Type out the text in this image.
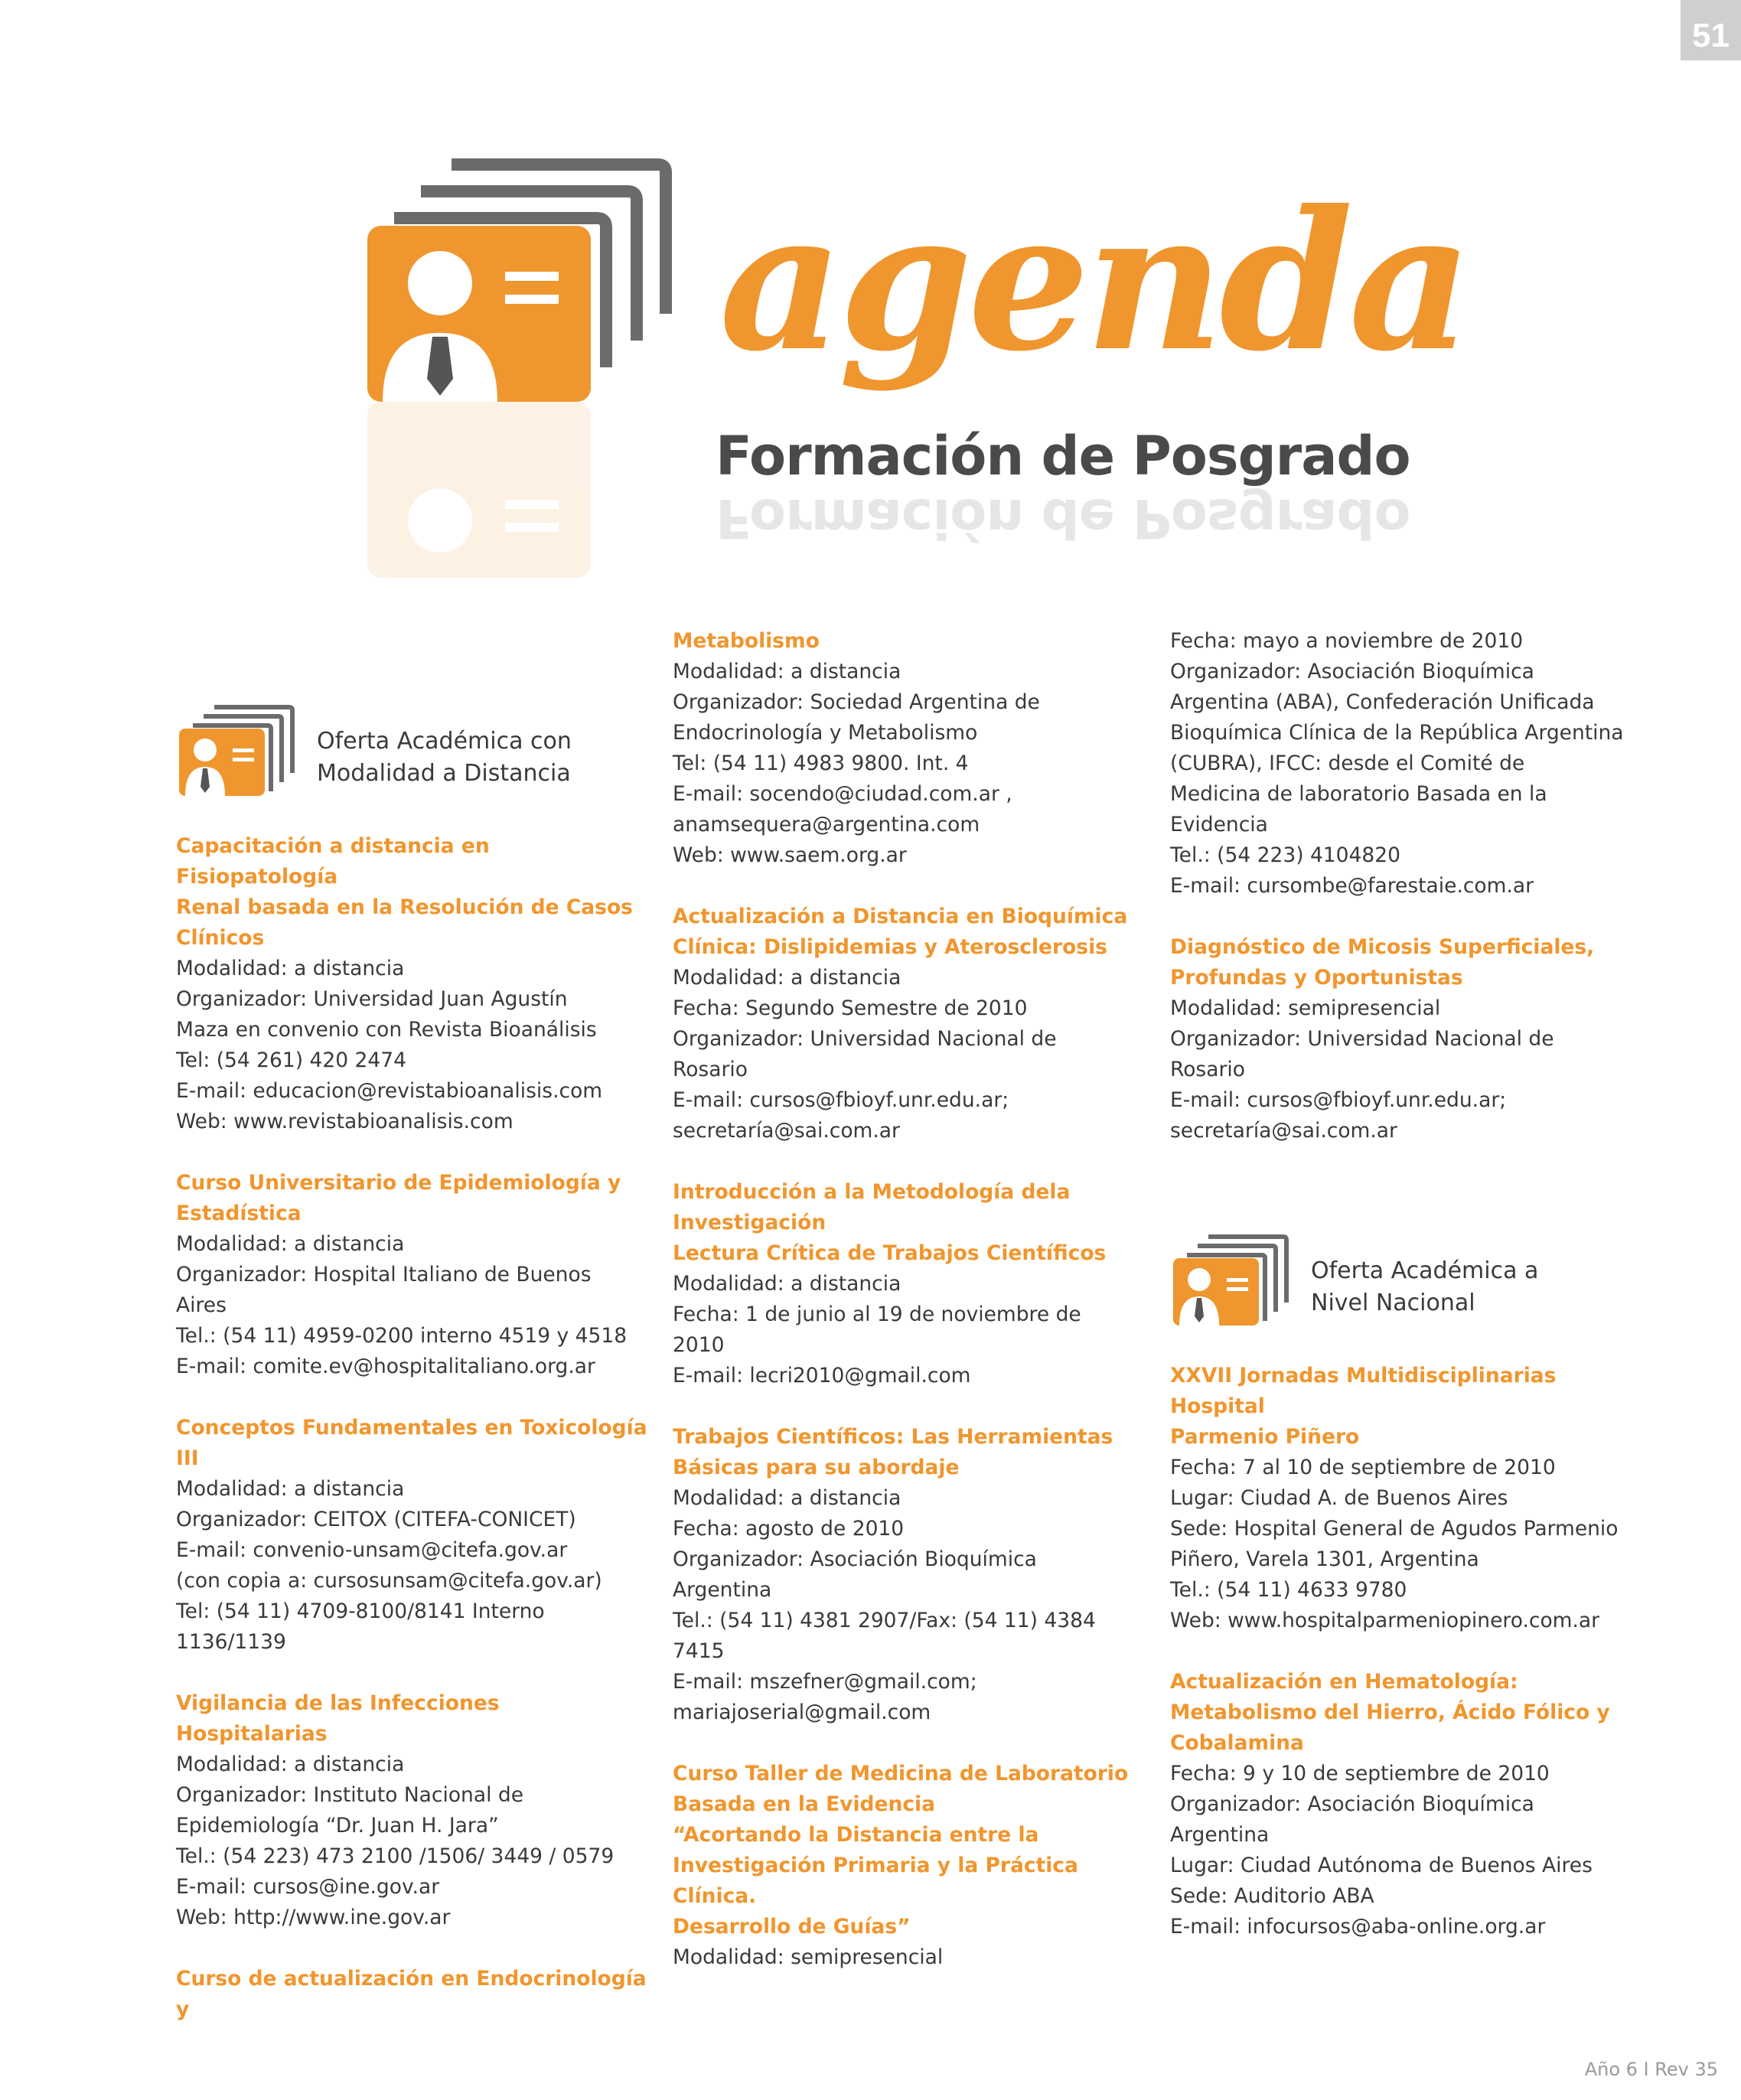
51
agenda
Formación de Posgrado
Formación de Posgrado
Oferta Académica con
Modalidad a Distancia
Capacitación a distancia en Fisiopatología
Renal basada en la Resolución de Casos
Clínicos
Modalidad: a distancia
Organizador: Universidad Juan Agustín
Maza en convenio con Revista Bioanálisis
Tel: (54 261) 420 2474
E-mail: educacion@revistabioanalisis.com
Web: www.revistabioanalisis.com
Curso Universitario de Epidemiología y
Estadística
Modalidad: a distancia
Organizador: Hospital Italiano de Buenos
Aires
Tel.: (54 11) 4959-0200 interno 4519 y 4518
E-mail: comite.ev@hospitalitaliano.org.ar
Conceptos Fundamentales en Toxicología
III
Modalidad: a distancia
Organizador: CEITOX (CITEFA-CONICET)
E-mail: convenio-unsam@citefa.gov.ar
(con copia a: cursosunsam@citefa.gov.ar)
Tel: (54 11) 4709-8100/8141 Interno
1136/1139
Vigilancia de las Infecciones Hospitalarias
Modalidad: a distancia
Organizador: Instituto Nacional de
Epidemiología “Dr. Juan H. Jara”
Tel.: (54 223) 473 2100 /1506/ 3449 / 0579
E-mail: cursos@ine.gov.ar
Web: http://www.ine.gov.ar
Curso de actualización en Endocrinología y
Metabolismo
Modalidad: a distancia
Organizador: Sociedad Argentina de
Endocrinología y Metabolismo
Tel: (54 11) 4983 9800. Int. 4
E-mail: socendo@ciudad.com.ar ,
anamsequera@argentina.com
Web: www.saem.org.ar
Actualización a Distancia en Bioquímica
Clínica: Dislipidemias y Aterosclerosis
Modalidad: a distancia
Fecha: Segundo Semestre de 2010
Organizador: Universidad Nacional de
Rosario
E-mail: cursos@fbioyf.unr.edu.ar;
secretaría@sai.com.ar
Introducción a la Metodología dela
Investigación
Lectura Crítica de Trabajos Científicos
Modalidad: a distancia
Fecha: 1 de junio al 19 de noviembre de
2010
E-mail: lecri2010@gmail.com
Trabajos Científicos: Las Herramientas
Básicas para su abordaje
Modalidad: a distancia
Fecha: agosto de 2010
Organizador: Asociación Bioquímica
Argentina
Tel.: (54 11) 4381 2907/Fax: (54 11) 4384
7415
E-mail: mszefner@gmail.com;
mariajoserial@gmail.com
Curso Taller de Medicina de Laboratorio
Basada en la Evidencia
“Acortando la Distancia entre la
Investigación Primaria y la Práctica Clínica.
Desarrollo de Guías”
Modalidad: semipresencial
Fecha: mayo a noviembre de 2010
Organizador: Asociación Bioquímica
Argentina (ABA), Confederación Unificada
Bioquímica Clínica de la República Argentina
(CUBRA), IFCC: desde el Comité de
Medicina de laboratorio Basada en la
Evidencia
Tel.: (54 223) 4104820
E-mail: cursombe@farestaie.com.ar
Diagnóstico de Micosis Superficiales,
Profundas y Oportunistas
Modalidad: semipresencial
Organizador: Universidad Nacional de
Rosario
E-mail: cursos@fbioyf.unr.edu.ar;
secretaría@sai.com.ar
Oferta Académica a
Nivel Nacional
XXVII Jornadas Multidisciplinarias Hospital
Parmenio Piñero
Fecha: 7 al 10 de septiembre de 2010
Lugar: Ciudad A. de Buenos Aires
Sede: Hospital General de Agudos Parmenio
Piñero, Varela 1301, Argentina
Tel.: (54 11) 4633 9780
Web: www.hospitalparmeniopinero.com.ar
Actualización en Hematología:
Metabolismo del Hierro, Ácido Fólico y
Cobalamina
Fecha: 9 y 10 de septiembre de 2010
Organizador: Asociación Bioquímica
Argentina
Lugar: Ciudad Autónoma de Buenos Aires
Sede: Auditorio ABA
E-mail: infocursos@aba-online.org.ar
Año 6 I Rev 35
